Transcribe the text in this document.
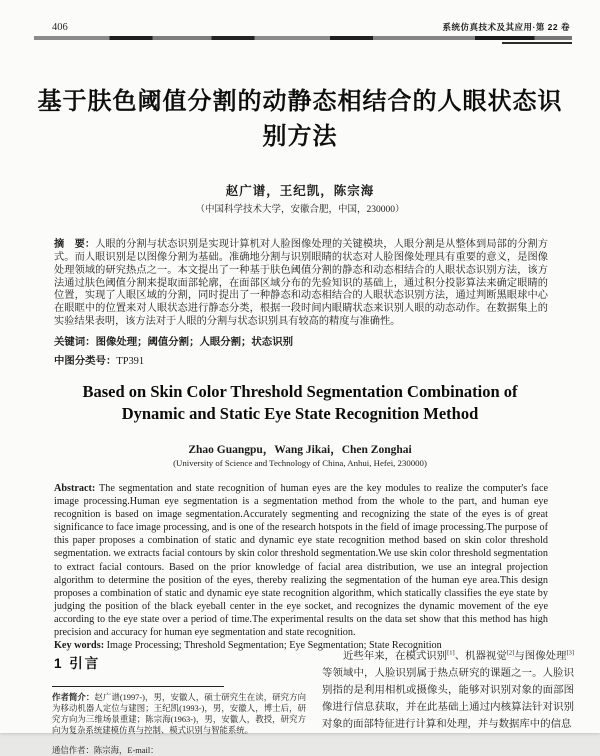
406	系统仿真技术及其应用·第 22 卷
基于肤色阈值分割的动静态相结合的人眼状态识
别方法
赵广谱，王纪凯，陈宗海
（中国科学技术大学，安徽合肥，中国，230000）

摘　要：人眼的分割与状态识别是实现计算机对人脸图像处理的关键模块，人眼分割是从整体到局部的分割方式。而人眼识别是以图像分割为基础。准确地分割与识别眼睛的状态对人脸图像处理具有重要的意义，是图像处理领域的研究热点之一。本文提出了一种基于肤色阈值分割的静态和动态相结合的人眼状态识别方法，该方法通过肤色阈值分割来提取面部轮廓，在面部区域分布的先验知识的基础上，通过积分投影算法来确定眼睛的位置，实现了人眼区域的分割，同时提出了一种静态和动态相结合的人眼状态识别方法，通过判断黑眼球中心在眼眶中的位置来对人眼状态进行静态分类，根据一段时间内眼睛状态来识别人眼的动态动作。在数据集上的实验结果表明，该方法对于人眼的分割与状态识别具有较高的精度与准确性。

关键词：图像处理；阈值分割；人眼分割；状态识别

中图分类号：TP391

Based on Skin Color Threshold Segmentation Combination of
Dynamic and Static Eye State Recognition Method
Zhao Guangpu，Wang Jikai，Chen Zonghai
(University of Science and Technology of China, Anhui, Hefei, 230000)

Abstract: The segmentation and state recognition of human eyes are the key modules to realize the computer's face image processing.Human eye segmentation is a segmentation method from the whole to the part, and human eye recognition is based on image segmentation.Accurately segmenting and recognizing the state of the eyes is of great significance to face image processing, and is one of the research hotspots in the field of image processing.The purpose of this paper proposes a combination of static and dynamic eye state recognition method based on skin color threshold segmentation. we extracts facial contours by skin color threshold segmentation.We use skin color threshold segmentation to extract facial contours. Based on the prior knowledge of facial area distribution, we use an integral projection algorithm to determine the position of the eyes, thereby realizing the segmentation of the human eye area.This design proposes a combination of static and dynamic eye state recognition algorithm, which statically classifies the eye state by judging the position of the black eyeball center in the eye socket, and recognizes the dynamic movement of the eye according to the eye state over a period of time.The experimental results on the data set show that this method has high precision and accuracy for human eye segmentation and state recognition.

Key words: Image Processing; Threshold Segmentation; Eye Segmentation; State Recognition

1 引言

作者简介：赵广谱(1997-)，男，安徽人，硕士研究生在读，研究方向为移动机器人定位与建图；王纪凯(1993-)，男，安徽人，博士后，研究方向为三维场景重建；陈宗海(1963-)，男，安徽人，教授，研究方向为复杂系统建模仿真与控制、模式识别与智能系统。

通信作者：陈宗海，E-mail：

近些年来，在模式识别[1]、机器视觉[2]与图像处理[3]等领域中，人脸识别属于热点研究的课题之一。人脸识别指的是利用相机或摄像头，能够对识别对象的面部图像进行信息获取，并在此基础上通过内核算法针对识别对象的面部特征进行计算和处理，并与数据库中的信息
